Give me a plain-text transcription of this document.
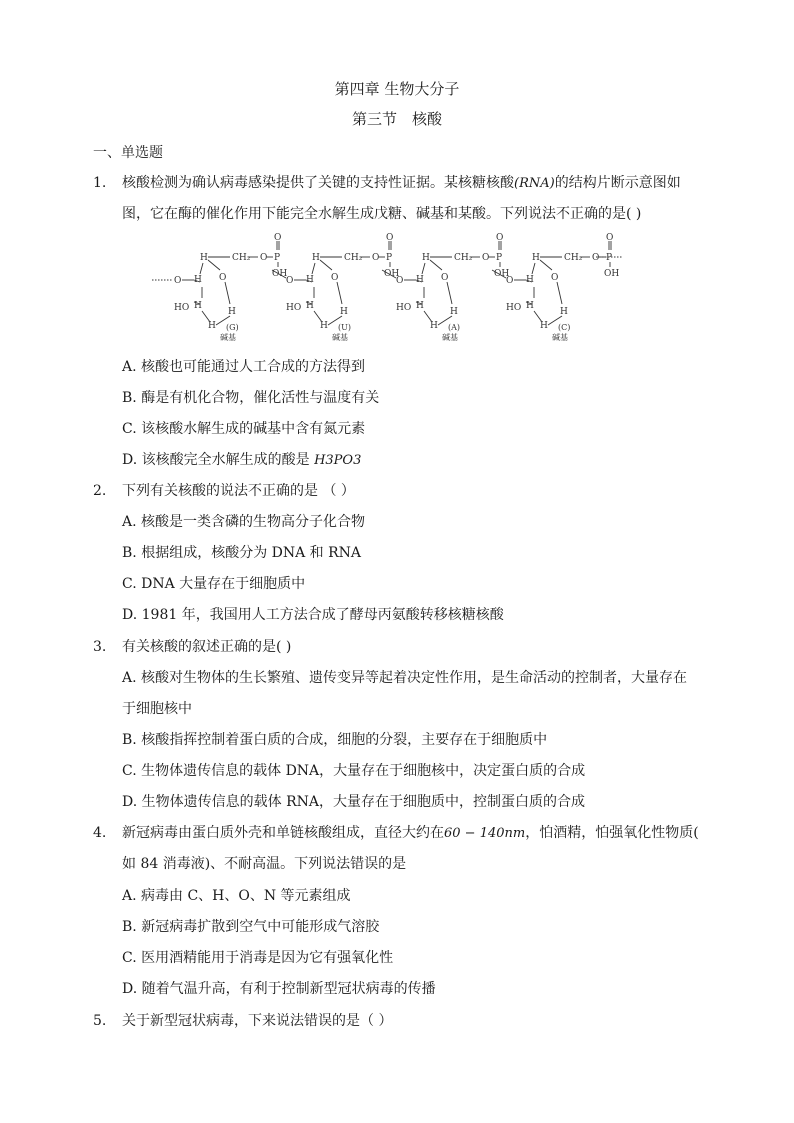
第四章 生物大分子
第三节　核酸
一、单选题
1. 核酸检测为确认病毒感染提供了关键的支持性证据。某核糖核酸(RNA)的结构片断示意图如
图，它在酶的催化作用下能完全水解生成戊糖、碱基和某酸。下列说法不正确的是( )
H	CH₂ O P
O
OH
O
H
H
HO
H (G)
碱基
H
O
H	CH₂ O P
O
OH
O
H
H
HO
H (U)
碱基
H
O
H	CH₂ O P
O
OH
O
H
H
HO
H (A)
碱基
H
O
H	CH₂ O P
O
OH
O
H
H
HO
H (C)
碱基
H
O
A. 核酸也可能通过人工合成的方法得到
B. 酶是有机化合物，催化活性与温度有关
C. 该核酸水解生成的碱基中含有氮元素
D. 该核酸完全水解生成的酸是 H3PO3
2. 下列有关核酸的说法不正确的是 （ ）
A. 核酸是一类含磷的生物高分子化合物
B. 根据组成，核酸分为 DNA 和 RNA
C. DNA 大量存在于细胞质中
D. 1981 年，我国用人工方法合成了酵母丙氨酸转移核糖核酸
3. 有关核酸的叙述正确的是( )
A. 核酸对生物体的生长繁殖、遗传变异等起着决定性作用，是生命活动的控制者，大量存在
于细胞核中
B. 核酸指挥控制着蛋白质的合成，细胞的分裂，主要存在于细胞质中
C. 生物体遗传信息的载体 DNA，大量存在于细胞核中，决定蛋白质的合成
D. 生物体遗传信息的载体 RNA，大量存在于细胞质中，控制蛋白质的合成
4. 新冠病毒由蛋白质外壳和单链核酸组成，直径大约在60 − 140nm，怕酒精，怕强氧化性物质(
如 84 消毒液)、不耐高温。下列说法错误的是
A. 病毒由 C、H、O、N 等元素组成
B. 新冠病毒扩散到空气中可能形成气溶胶
C. 医用酒精能用于消毒是因为它有强氧化性
D. 随着气温升高，有利于控制新型冠状病毒的传播
5. 关于新型冠状病毒，下来说法错误的是（ ）
